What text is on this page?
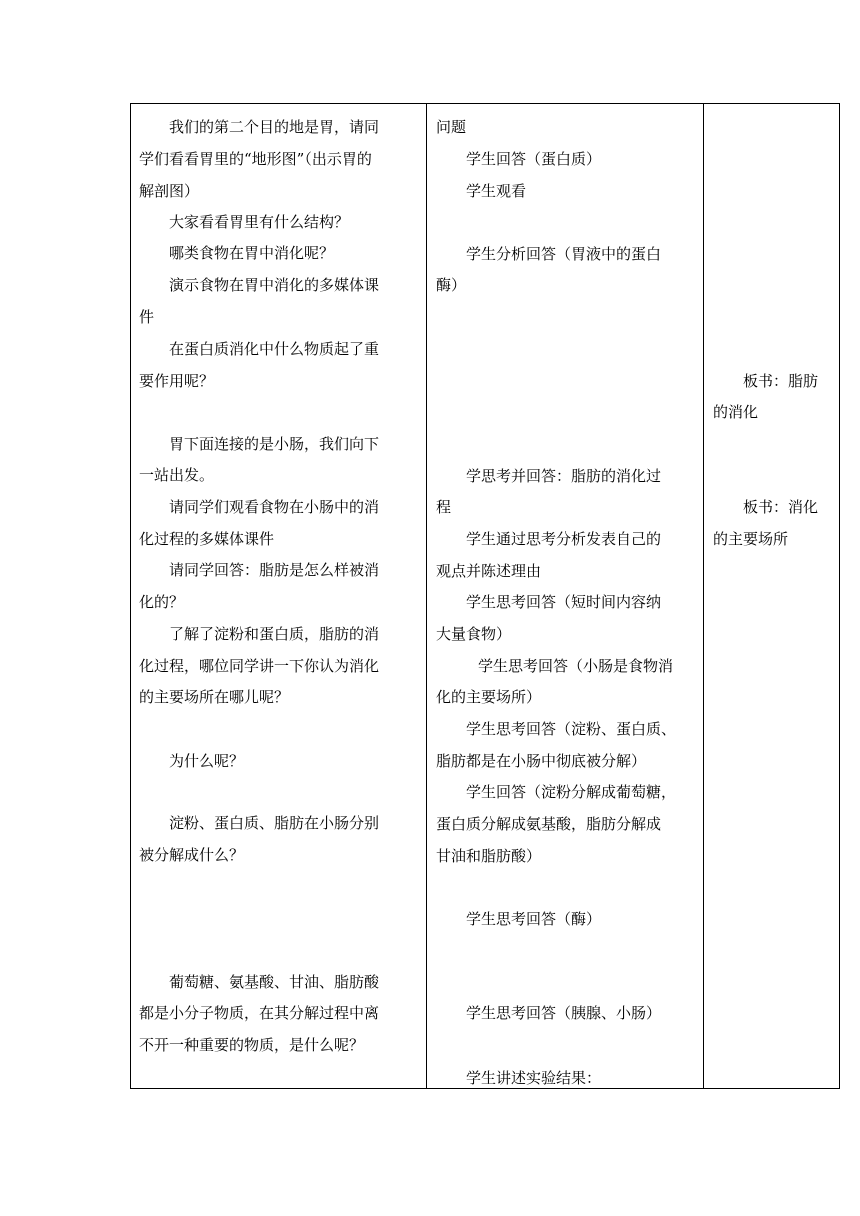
我们的第二个目的地是胃，请同
学们看看胃里的“地形图”（出示胃的
解剖图）
大家看看胃里有什么结构？
哪类食物在胃中消化呢？
演示食物在胃中消化的多媒体课
件
在蛋白质消化中什么物质起了重
要作用呢？
胃下面连接的是小肠，我们向下
一站出发。
请同学们观看食物在小肠中的消
化过程的多媒体课件
请同学回答：脂肪是怎么样被消
化的？
了解了淀粉和蛋白质，脂肪的消
化过程，哪位同学讲一下你认为消化
的主要场所在哪儿呢？
为什么呢？
淀粉、蛋白质、脂肪在小肠分别
被分解成什么？
葡萄糖、氨基酸、甘油、脂肪酸
都是小分子物质，在其分解过程中离
不开一种重要的物质，是什么呢？
问题
学生回答（蛋白质）
学生观看
学生分析回答（胃液中的蛋白
酶）
学思考并回答：脂肪的消化过
程
学生通过思考分析发表自己的
观点并陈述理由
学生思考回答（短时间内容纳
大量食物）
学生思考回答（小肠是食物消
化的主要场所）
学生思考回答（淀粉、蛋白质、
脂肪都是在小肠中彻底被分解）
学生回答（淀粉分解成葡萄糖，
蛋白质分解成氨基酸，脂肪分解成
甘油和脂肪酸）
学生思考回答（酶）
学生思考回答（胰腺、小肠）
学生讲述实验结果：
板书：脂肪
的消化
板书：消化
的主要场所
